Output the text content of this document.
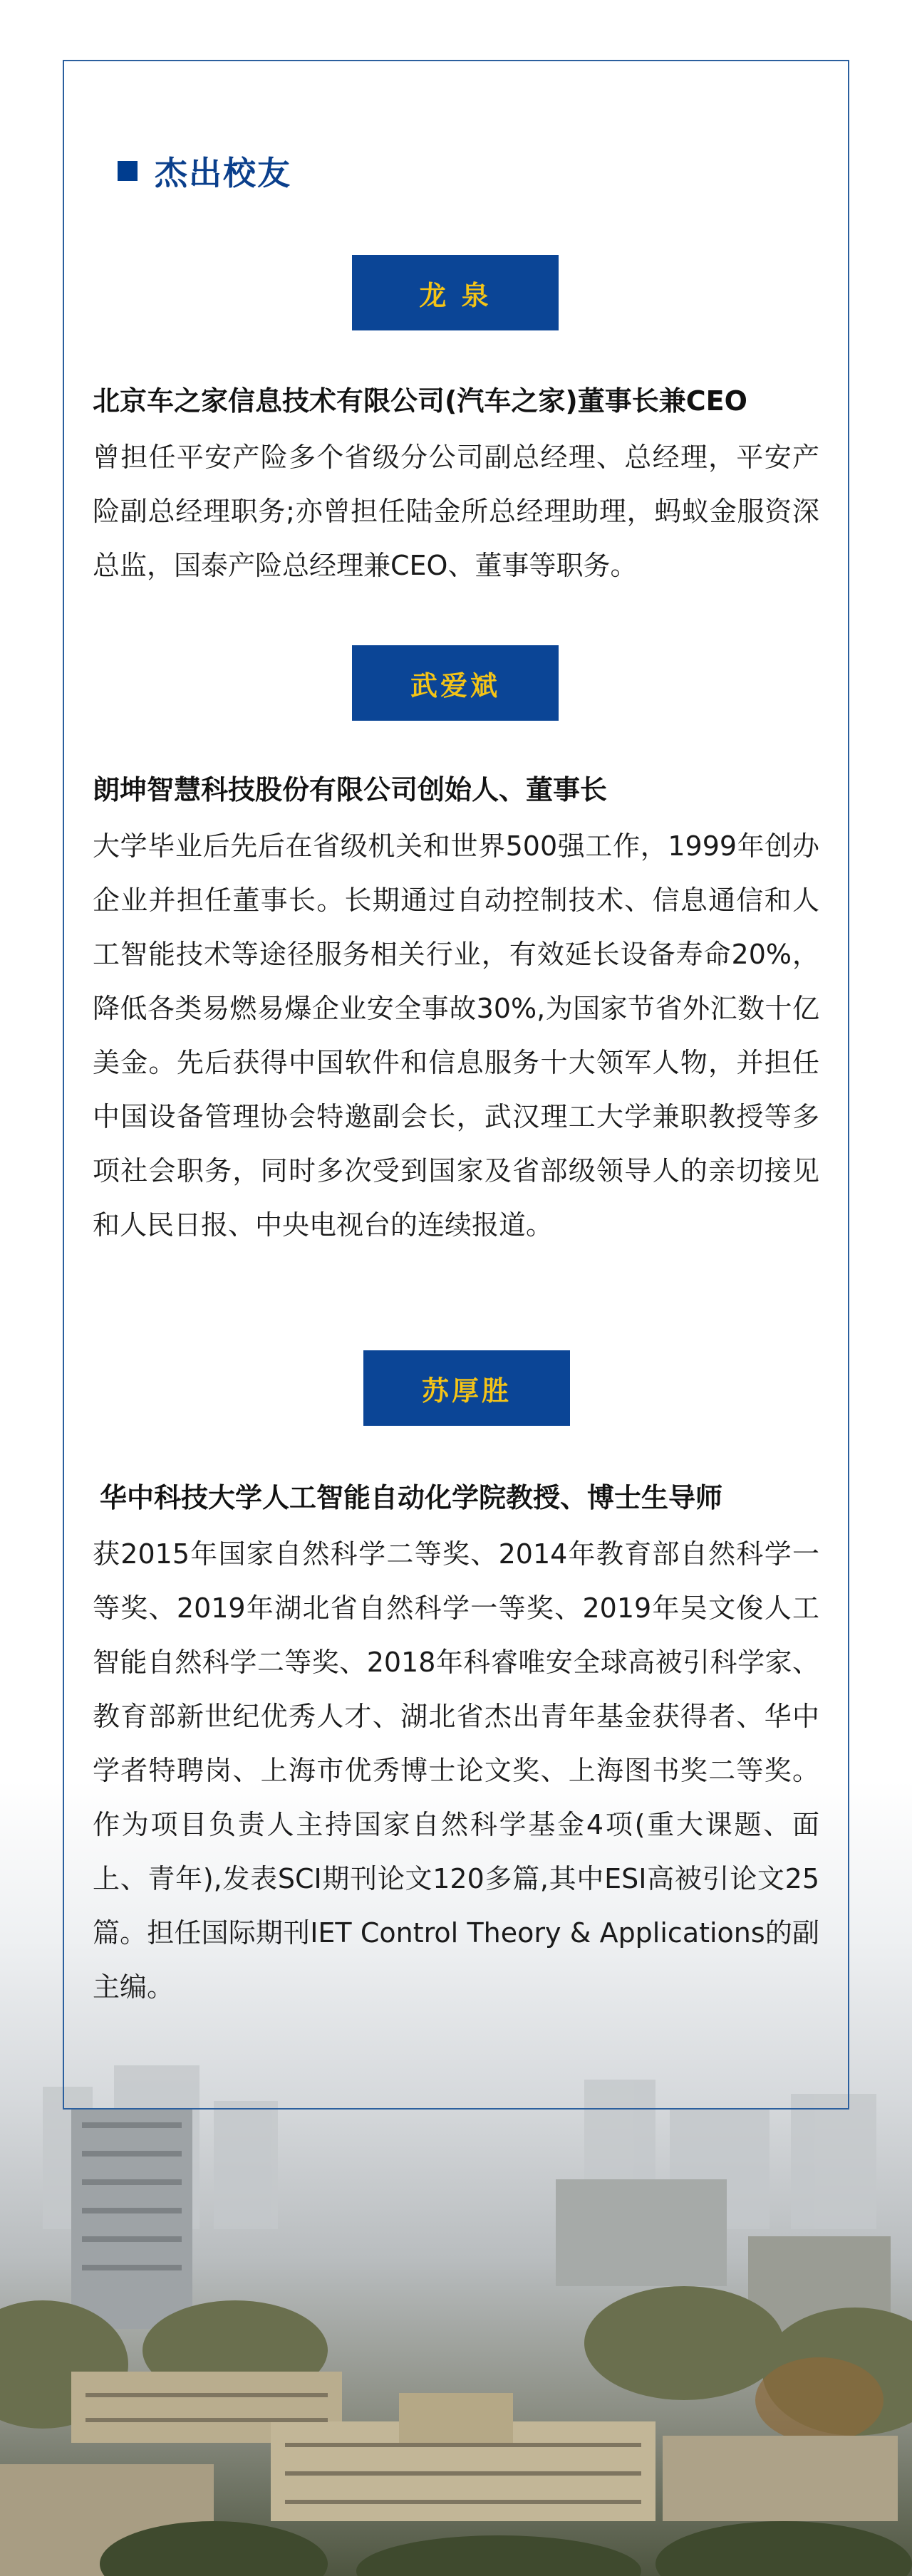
杰出校友
龙 泉
北京车之家信息技术有限公司(汽车之家)董事长兼CEO
曾担任平安产险多个省级分公司副总经理、总经理，平安产险副总经理职务;亦曾担任陆金所总经理助理，蚂蚁金服资深总监，国泰产险总经理兼CEO、董事等职务。
武爱斌
朗坤智慧科技股份有限公司创始人、董事长
大学毕业后先后在省级机关和世界500强工作，1999年创办企业并担任董事长。长期通过自动控制技术、信息通信和人工智能技术等途径服务相关行业，有效延长设备寿命20%，降低各类易燃易爆企业安全事故30%,为国家节省外汇数十亿美金。先后获得中国软件和信息服务十大领军人物，并担任中国设备管理协会特邀副会长，武汉理工大学兼职教授等多项社会职务，同时多次受到国家及省部级领导人的亲切接见和人民日报、中央电视台的连续报道。
苏厚胜
华中科技大学人工智能自动化学院教授、博士生导师
获2015年国家自然科学二等奖、2014年教育部自然科学一等奖、2019年湖北省自然科学一等奖、2019年吴文俊人工智能自然科学二等奖、2018年科睿唯安全球高被引科学家、教育部新世纪优秀人才、湖北省杰出青年基金获得者、华中学者特聘岗、上海市优秀博士论文奖、上海图书奖二等奖。作为项目负责人主持国家自然科学基金4项(重大课题、面上、青年),发表SCI期刊论文120多篇,其中ESI高被引论文25篇。担任国际期刊IET Control Theory & Applications的副主编。
